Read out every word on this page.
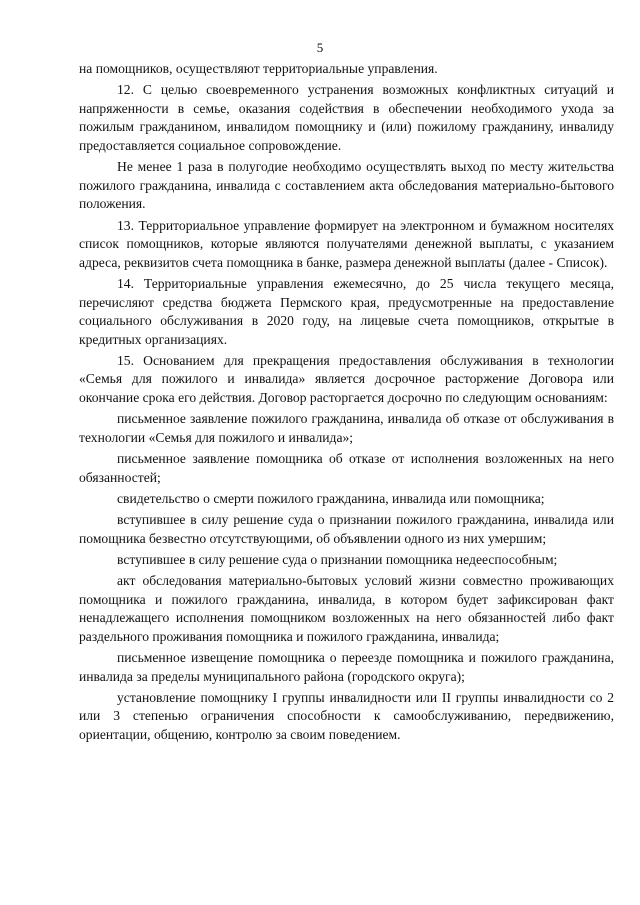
5

на помощников, осуществляют территориальные управления.

12. С целью своевременного устранения возможных конфликтных ситуаций и напряженности в семье, оказания содействия в обеспечении необходимого ухода за пожилым гражданином, инвалидом помощнику и (или) пожилому гражданину, инвалиду предоставляется социальное сопровождение.

Не менее 1 раза в полугодие необходимо осуществлять выход по месту жительства пожилого гражданина, инвалида с составлением акта обследования материально-бытового положения.

13. Территориальное управление формирует на электронном и бумажном носителях список помощников, которые являются получателями денежной выплаты, с указанием адреса, реквизитов счета помощника в банке, размера денежной выплаты (далее - Список).

14. Территориальные управления ежемесячно, до 25 числа текущего месяца, перечисляют средства бюджета Пермского края, предусмотренные на предоставление социального обслуживания в 2020 году, на лицевые счета помощников, открытые в кредитных организациях.

15. Основанием для прекращения предоставления обслуживания в технологии «Семья для пожилого и инвалида» является досрочное расторжение Договора или окончание срока его действия. Договор расторгается досрочно по следующим основаниям:

письменное заявление пожилого гражданина, инвалида об отказе от обслуживания в технологии «Семья для пожилого и инвалида»;

письменное заявление помощника об отказе от исполнения возложенных на него обязанностей;

свидетельство о смерти пожилого гражданина, инвалида или помощника;

вступившее в силу решение суда о признании пожилого гражданина, инвалида или помощника безвестно отсутствующими, об объявлении одного из них умершим;

вступившее в силу решение суда о признании помощника недееспособным;

акт обследования материально-бытовых условий жизни совместно проживающих помощника и пожилого гражданина, инвалида, в котором будет зафиксирован факт ненадлежащего исполнения помощником возложенных на него обязанностей либо факт раздельного проживания помощника и пожилого гражданина, инвалида;

письменное извещение помощника о переезде помощника и пожилого гражданина, инвалида за пределы муниципального района (городского округа);

установление помощнику I группы инвалидности или II группы инвалидности со 2 или 3 степенью ограничения способности к самообслуживанию, передвижению, ориентации, общению, контролю за своим поведением.
